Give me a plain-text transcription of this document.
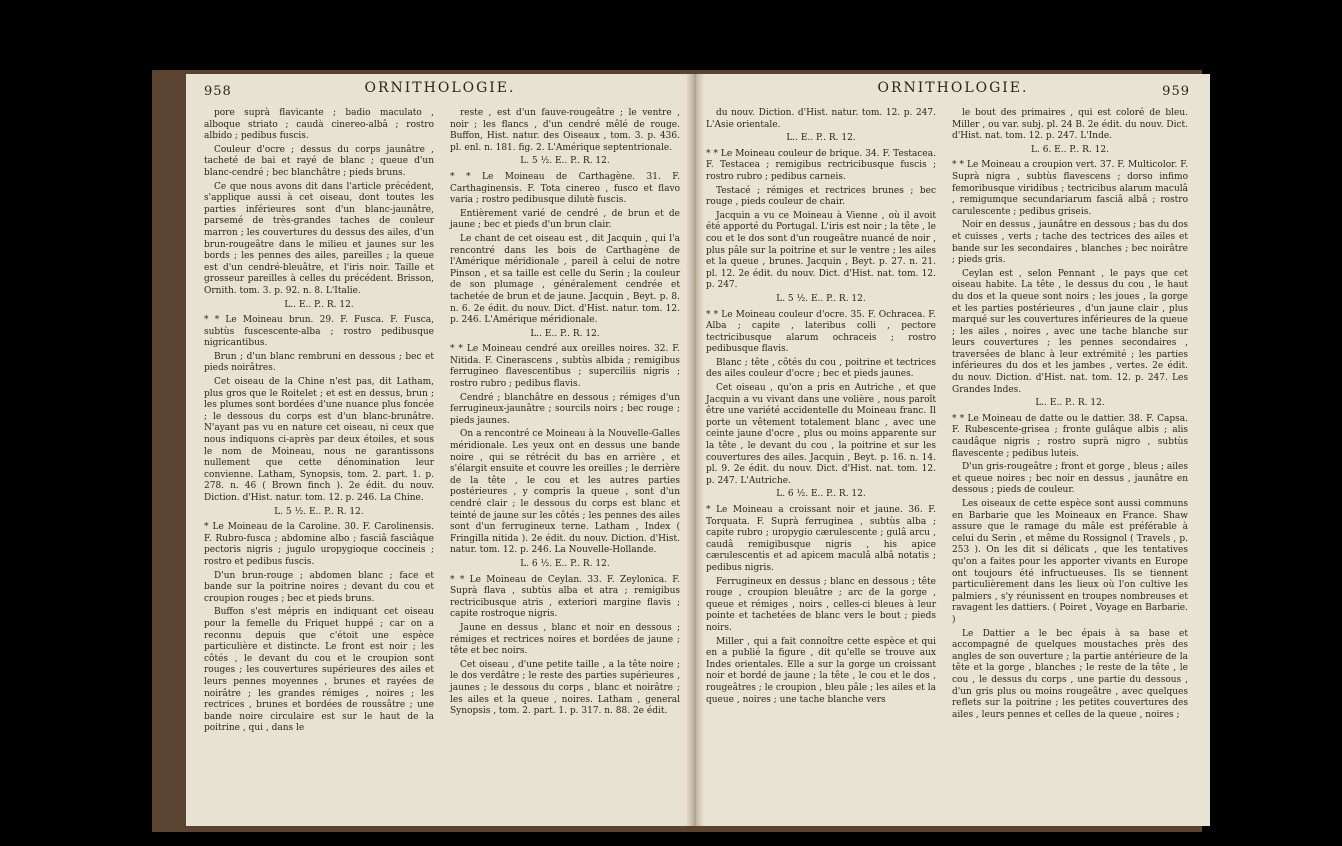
958	ORNITHOLOGIE.

pore suprà flavicante ; badio maculato , alboque striato ; caudà cinereo-albâ ; rostro albido ; pedibus fuscis.

Couleur d'ocre ; dessus du corps jaunâtre , tacheté de bai et rayé de blanc ; queue d'un blanc-cendré ; bec blanchâtre ; pieds bruns.

Ce que nous avons dit dans l'article précédent, s'applique aussi à cet oiseau, dont toutes les parties inférieures sont d'un blanc-jaunâtre, parsemé de très-grandes taches de couleur marron ; les couvertures du dessus des ailes, d'un brun-rougeâtre dans le milieu et jaunes sur les bords ; les pennes des ailes, pareilles ; la queue est d'un cendré-bleuâtre, et l'iris noir. Taille et grosseur pareilles à celles du précédent. Brisson, Ornith. tom. 3. p. 92. n. 8. L'Italie.

L.. E.. P.. R. 12.

* * Le Moineau brun. 29. F. Fusca. F. Fusca, subtùs fuscescente-alba ; rostro pedibusque nigricantibus.

Brun ; d'un blanc rembruni en dessous ; bec et pieds noirâtres.

Cet oiseau de la Chine n'est pas, dit Latham, plus gros que le Roitelet ; et est en dessus, brun ; les plumes sont bordées d'une nuance plus foncée ; le dessous du corps est d'un blanc-brunâtre. N'ayant pas vu en nature cet oiseau, ni ceux que nous indiquons ci-après par deux étoiles, et sous le nom de Moineau, nous ne garantissons nullement que cette dénomination leur convienne. Latham, Synopsis, tom. 2. part. 1. p. 278. n. 46 ( Brown finch ). 2e édit. du nouv. Diction. d'Hist. natur. tom. 12. p. 246. La Chine.

L. 5 ½. E.. P.. R. 12.

* Le Moineau de la Caroline. 30. F. Carolinensis. F. Rubro-fusca ; abdomine albo ; fasciâ fasciâque pectoris nigris ; jugulo uropygioque coccineis ; rostro et pedibus fuscis.

D'un brun-rouge ; abdomen blanc ; face et bande sur la poitrine noires ; devant du cou et croupion rouges ; bec et pieds bruns.

Buffon s'est mépris en indiquant cet oiseau pour la femelle du Friquet huppé ; car on a reconnu depuis que c'étoit une espèce particulière et distincte. Le front est noir ; les côtés , le devant du cou et le croupion sont rouges ; les couvertures supérieures des ailes et leurs pennes moyennes , brunes et rayées de noirâtre ; les grandes rémiges , noires ; les rectrices , brunes et bordées de roussâtre ; une bande noire circulaire est sur le haut de la poitrine , qui , dans le

reste , est d'un fauve-rougeâtre ; le ventre , noir ; les flancs , d'un cendré mêlé de rouge. Buffon, Hist. natur. des Oiseaux , tom. 3. p. 436. pl. enl. n. 181. fig. 2. L'Amérique septentrionale.

L. 5 ½. E.. P.. R. 12.

* * Le Moineau de Carthagène. 31. F. Carthaginensis. F. Tota cinereo , fusco et flavo varia ; rostro pedibusque dilutè fuscis.

Entièrement varié de cendré , de brun et de jaune ; bec et pieds d'un brun clair.

Le chant de cet oiseau est , dit Jacquin , qui l'a rencontré dans les bois de Carthagène de l'Amérique méridionale , pareil à celui de notre Pinson , et sa taille est celle du Serin ; la couleur de son plumage , généralement cendrée et tachetée de brun et de jaune. Jacquin , Beyt. p. 8. n. 6. 2e édit. du nouv. Dict. d'Hist. natur. tom. 12. p. 246. L'Amérique méridionale.

L.. E.. P.. R. 12.

* * Le Moineau cendré aux oreilles noires. 32. F. Nitida. F. Cinerascens , subtùs albida ; remigibus ferrugineo flavescentibus ; superciliis nigris ; rostro rubro ; pedibus flavis.

Cendré ; blanchâtre en dessous ; rémiges d'un ferrugineux-jaunâtre ; sourcils noirs ; bec rouge ; pieds jaunes.

On a rencontré ce Moineau à la Nouvelle-Galles méridionale. Les yeux ont en dessus une bande noire , qui se rétrécit du bas en arrière , et s'élargit ensuite et couvre les oreilles ; le derrière de la tête , le cou et les autres parties postérieures , y compris la queue , sont d'un cendré clair ; le dessous du corps est blanc et teinté de jaune sur les côtés ; les pennes des ailes sont d'un ferrugineux terne. Latham , Index ( Fringilla nitida ). 2e édit. du nouv. Diction. d'Hist. natur. tom. 12. p. 246. La Nouvelle-Hollande.

L. 6 ½. E.. P.. R. 12.

* * Le Moineau de Ceylan. 33. F. Zeylonica. F. Suprà flava , subtùs alba et atra ; remigibus rectricibusque atris , exteriori margine flavis ; capite rostroque nigris.

Jaune en dessus , blanc et noir en dessous ; rémiges et rectrices noires et bordées de jaune ; tête et bec noirs.

Cet oiseau , d'une petite taille , a la tête noire ; le dos verdâtre ; le reste des parties supérieures , jaunes ; le dessous du corps , blanc et noirâtre ; les ailes et la queue , noires. Latham , general Synopsis , tom. 2. part. 1. p. 317. n. 88. 2e édit.

959
ORNITHOLOGIE.

du nouv. Diction. d'Hist. natur. tom. 12. p. 247. L'Asie orientale.

L.. E.. P.. R. 12.

* * Le Moineau couleur de brique. 34. F. Testacea. F. Testacea ; remigibus rectricibusque fuscis ; rostro rubro ; pedibus carneis.

Testacé ; rémiges et rectrices brunes ; bec rouge , pieds couleur de chair.

Jacquin a vu ce Moineau à Vienne , où il avoit été apporté du Portugal. L'iris est noir ; la tête , le cou et le dos sont d'un rougeâtre nuancé de noir , plus pâle sur la poitrine et sur le ventre ; les ailes et la queue , brunes. Jacquin , Beyt. p. 27. n. 21. pl. 12. 2e édit. du nouv. Dict. d'Hist. nat. tom. 12. p. 247.

L. 5 ½. E.. P.. R. 12.

* * Le Moineau couleur d'ocre. 35. F. Ochracea. F. Alba ; capite , lateribus colli , pectore tectricibusque alarum ochraceis ; rostro pedibusque flavis.

Blanc ; tête , côtés du cou , poitrine et tectrices des ailes couleur d'ocre ; bec et pieds jaunes.

Cet oiseau , qu'on a pris en Autriche , et que Jacquin a vu vivant dans une volière , nous paroît être une variété accidentelle du Moineau franc. Il porte un vêtement totalement blanc , avec une ceinte jaune d'ocre , plus ou moins apparente sur la tête , le devant du cou , la poitrine et sur les couvertures des ailes. Jacquin , Beyt. p. 16. n. 14. pl. 9. 2e édit. du nouv. Dict. d'Hist. nat. tom. 12. p. 247. L'Autriche.

L. 6 ½. E.. P.. R. 12.

* Le Moineau a croissant noir et jaune. 36. F. Torquata. F. Suprà ferruginea , subtùs alba ; capite rubro ; uropygio cærulescente ; gulâ arcu , caudâ remigibusque nigris , his apice cærulescentis et ad apicem maculâ albâ notatis ; pedibus nigris.

Ferrugineux en dessus ; blanc en dessous ; tête rouge , croupion bleuâtre ; arc de la gorge , queue et rémiges , noirs , celles-ci bleues à leur pointe et tachetées de blanc vers le bout ; pieds noirs.

Miller , qui a fait connoître cette espèce et qui en a publié la figure , dit qu'elle se trouve aux Indes orientales. Elle a sur la gorge un croissant noir et bordé de jaune ; la tête , le cou et le dos , rougeâtres ; le croupion , bleu pâle ; les ailes et la queue , noires ; une tache blanche vers

le bout des primaires , qui est coloré de bleu. Miller , ou var. subj. pl. 24 B. 2e édit. du nouv. Dict. d'Hist. nat. tom. 12. p. 247. L'Inde.

L. 6. E.. P.. R. 12.

* * Le Moineau a croupion vert. 37. F. Multicolor. F. Suprà nigra , subtùs flavescens ; dorso infimo femoribusque viridibus ; tectricibus alarum maculâ , remigumque secundariarum fasciâ albâ ; rostro carulescente ; pedibus griseis.

Noir en dessus , jaunâtre en dessous ; bas du dos et cuisses , verts ; tache des tectrices des ailes et bande sur les secondaires , blanches ; bec noirâtre ; pieds gris.

Ceylan est , selon Pennant , le pays que cet oiseau habite. La tête , le dessus du cou , le haut du dos et la queue sont noirs ; les joues , la gorge et les parties postérieures , d'un jaune clair , plus marqué sur les couvertures inférieures de la queue ; les ailes , noires , avec une tache blanche sur leurs couvertures ; les pennes secondaires , traversées de blanc à leur extrémité ; les parties inférieures du dos et les jambes , vertes. 2e édit. du nouv. Diction. d'Hist. nat. tom. 12. p. 247. Les Grandes Indes.

L.. E.. P.. R. 12.

* * Le Moineau de datte ou le dattier. 38. F. Capsa. F. Rubescente-grisea ; fronte gulâque albis ; alis caudâque nigris ; rostro suprà nigro , subtùs flavescente ; pedibus luteis.

D'un gris-rougeâtre ; front et gorge , bleus ; ailes et queue noires ; bec noir en dessus , jaunâtre en dessous ; pieds de couleur.

Les oiseaux de cette espèce sont aussi communs en Barbarie que les Moineaux en France. Shaw assure que le ramage du mâle est préférable à celui du Serin , et même du Rossignol ( Travels , p. 253 ). On les dit si délicats , que les tentatives qu'on a faites pour les apporter vivants en Europe ont toujours été infructueuses. Ils se tiennent particulièrement dans les lieux où l'on cultive les palmiers , s'y réunissent en troupes nombreuses et ravagent les dattiers. ( Poiret , Voyage en Barbarie. )

Le Dattier a le bec épais à sa base et accompagné de quelques moustaches près des angles de son ouverture ; la partie antérieure de la tête et la gorge , blanches ; le reste de la tête , le cou , le dessus du corps , une partie du dessous , d'un gris plus ou moins rougeâtre , avec quelques reflets sur la poitrine ; les petites couvertures des ailes , leurs pennes et celles de la queue , noires ;
